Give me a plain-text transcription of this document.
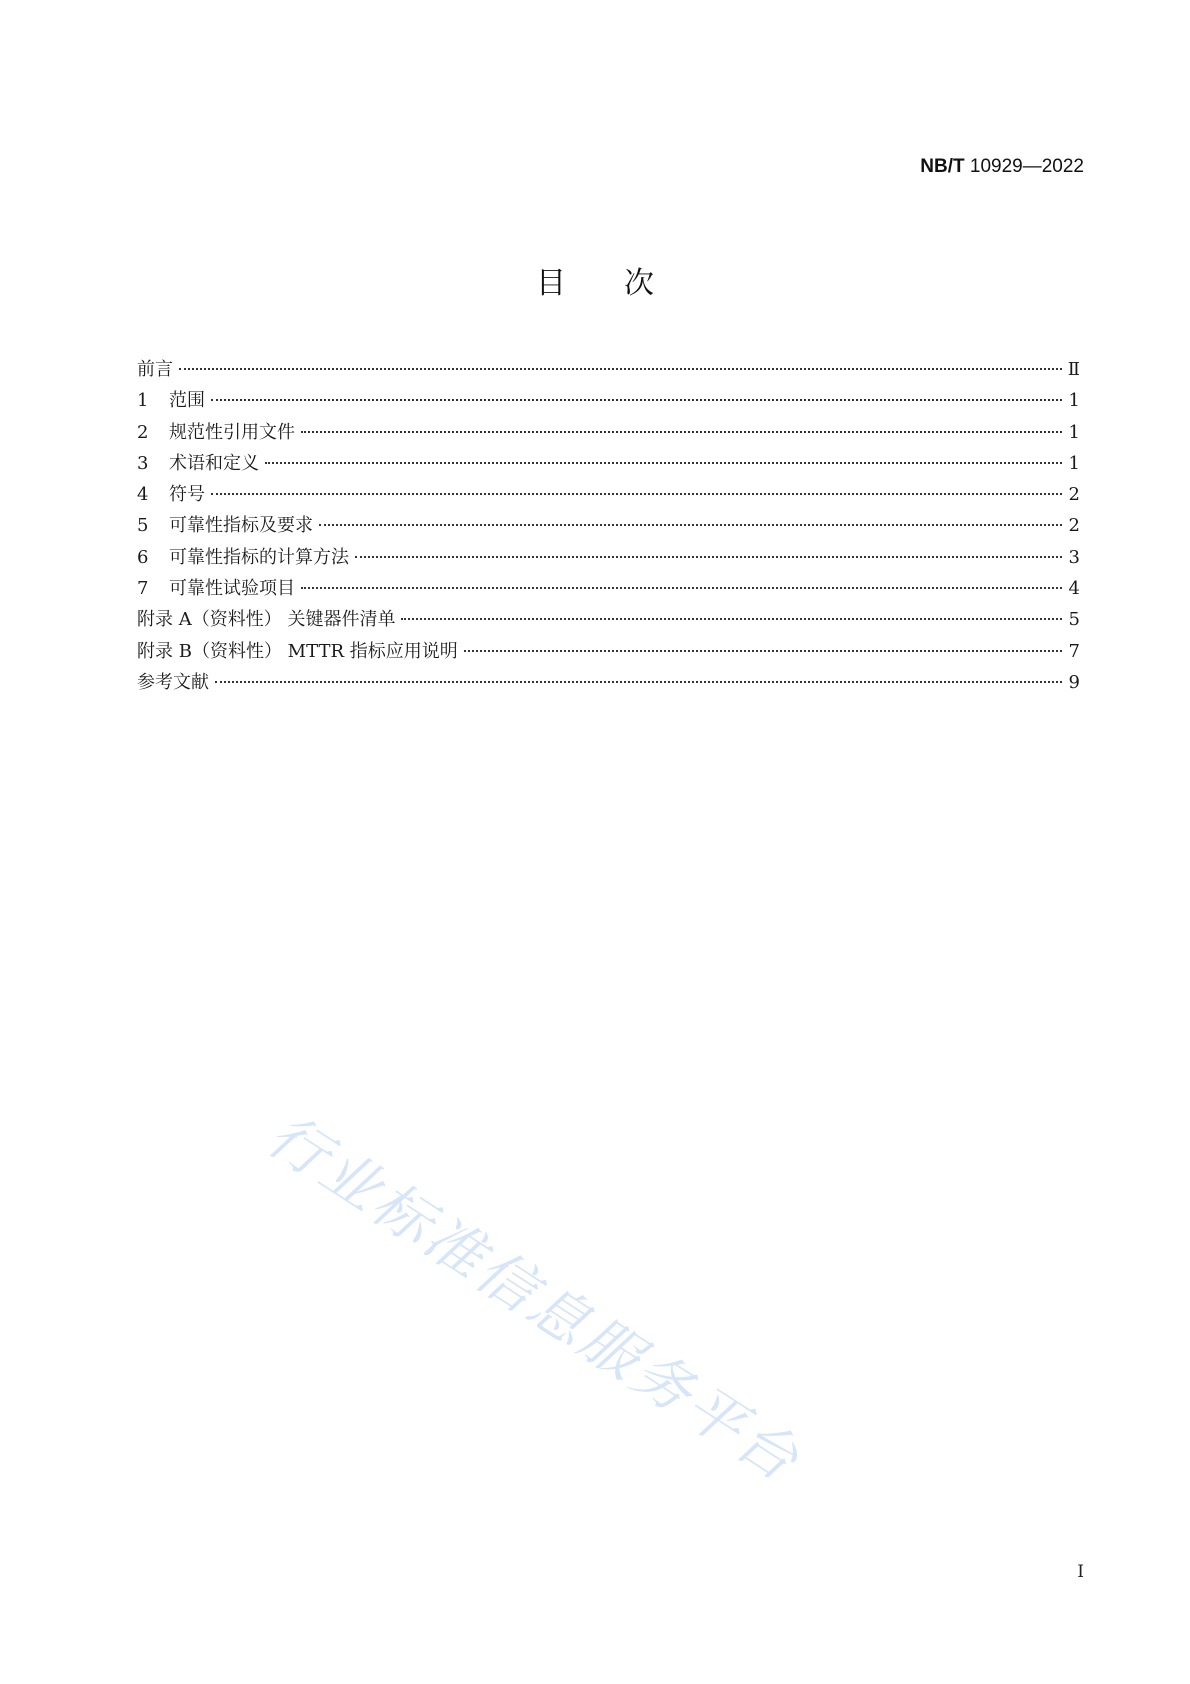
NB/T 10929—2022
目次
前言	Ⅱ
1	范围	1
2	规范性引用文件	1
3	术语和定义	1
4	符号	2
5	可靠性指标及要求	2
6	可靠性指标的计算方法	3
7	可靠性试验项目	4
附录 A（资料性） 关键器件清单	5
附录 B（资料性） MTTR 指标应用说明	7
参考文献	9
行业标准信息服务平台
I
